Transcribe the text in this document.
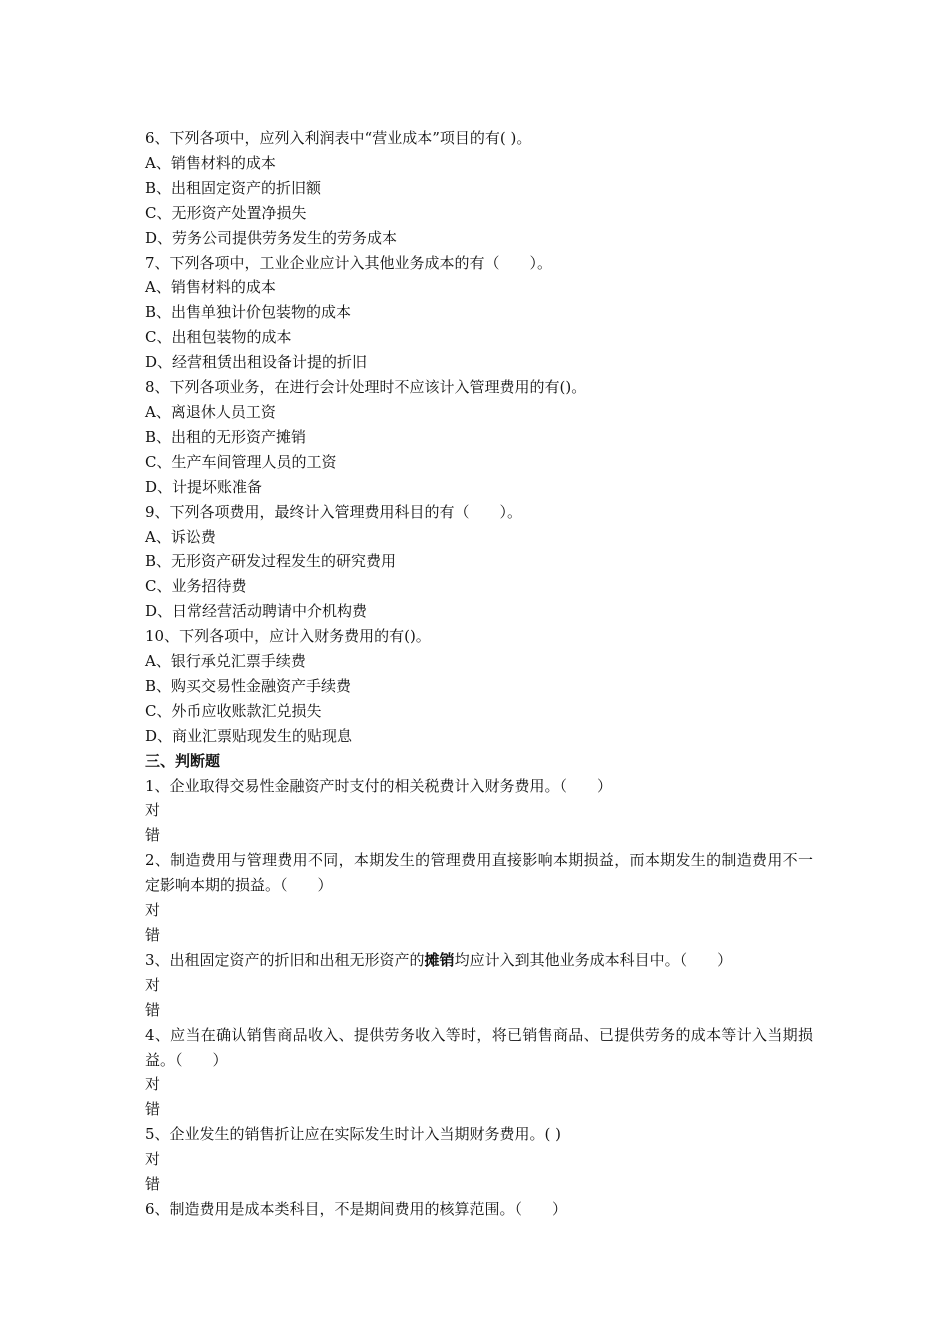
6、下列各项中，应列入利润表中“营业成本”项目的有( )。

A、销售材料的成本

B、出租固定资产的折旧额

C、无形资产处置净损失

D、劳务公司提供劳务发生的劳务成本

7、下列各项中，工业企业应计入其他业务成本的有（　　）。

A、销售材料的成本

B、出售单独计价包装物的成本

C、出租包装物的成本

D、经营租赁出租设备计提的折旧

8、下列各项业务，在进行会计处理时不应该计入管理费用的有()。

A、离退休人员工资

B、出租的无形资产摊销

C、生产车间管理人员的工资

D、计提坏账准备

9、下列各项费用，最终计入管理费用科目的有（　　）。

A、诉讼费

B、无形资产研发过程发生的研究费用

C、业务招待费

D、日常经营活动聘请中介机构费

10、下列各项中，应计入财务费用的有()。

A、银行承兑汇票手续费

B、购买交易性金融资产手续费

C、外币应收账款汇兑损失

D、商业汇票贴现发生的贴现息

三、判断题

1、企业取得交易性金融资产时支付的相关税费计入财务费用。（　　）

对

错

2、制造费用与管理费用不同，本期发生的管理费用直接影响本期损益，而本期发生的制造费用不一定影响本期的损益。（　　）

对

错

3、出租固定资产的折旧和出租无形资产的摊销均应计入到其他业务成本科目中。（　　）

对

错

4、应当在确认销售商品收入、提供劳务收入等时，将已销售商品、已提供劳务的成本等计入当期损益。（　　）

对

错

5、企业发生的销售折让应在实际发生时计入当期财务费用。( )

对

错

6、制造费用是成本类科目，不是期间费用的核算范围。（　　）
